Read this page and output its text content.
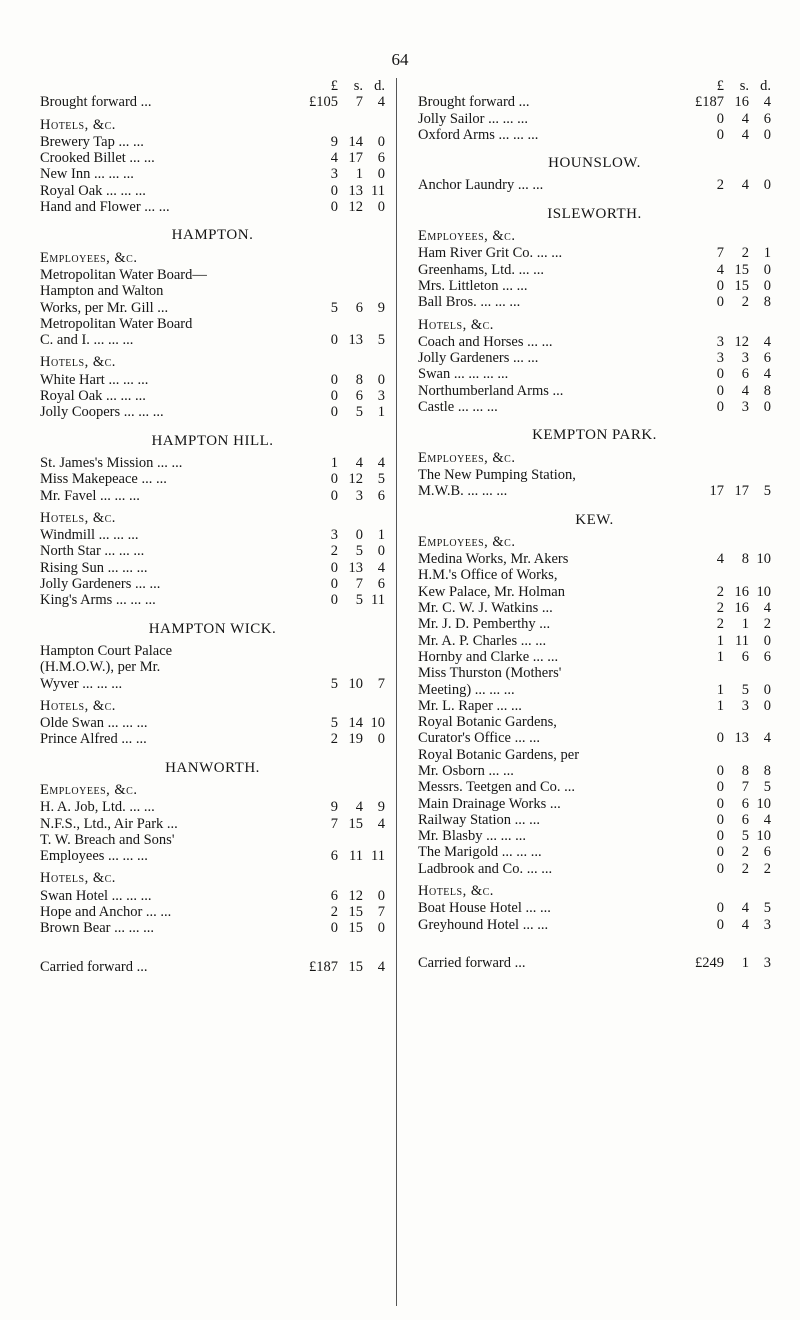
64
£	s. d.
Brought forward ...	£105	7	4
Hotels, &c.
Brewery Tap ... ...	9 14	0
Crooked Billet ... ...	4 17	6
New Inn ... ... ...	3	1	0
Royal Oak ... ... ...	0 13 11
Hand and Flower ... ...	0 12	0
HAMPTON.
Employees, &c.
Metropolitan Water Board—
Hampton and Walton
Works, per Mr. Gill ...	5	6	9
Metropolitan Water Board
C. and I. ... ... ...	0 13	5
Hotels, &c.
White Hart ... ... ...	0	8	0
Royal Oak ... ... ...	0	6	3
Jolly Coopers ... ... ...	0	5	1
HAMPTON HILL.
St. James's Mission ... ...	1	4	4
Miss Makepeace ... ...	0 12	5
Mr. Favel ... ... ...	0	3	6
Hotels, &c.
Windmill ... ... ...	3	0	1
North Star ... ... ...	2	5	0
Rising Sun ... ... ...	0 13	4
Jolly Gardeners ... ...	0	7	6
King's Arms ... ... ...	0	5 11
HAMPTON WICK.
Hampton Court Palace
(H.M.O.W.), per Mr.
Wyver ... ... ...	5 10	7
Hotels, &c.
Olde Swan ... ... ...	5 14 10
Prince Alfred ... ...	2 19	0
HANWORTH.
Employees, &c.
H. A. Job, Ltd. ... ...	9	4	9
N.F.S., Ltd., Air Park ...	7 15	4
T. W. Breach and Sons'
Employees ... ... ...	6 11 11
Hotels, &c.
Swan Hotel ... ... ...	6 12	0
Hope and Anchor ... ...	2 15	7
Brown Bear ... ... ...	0 15	0
Carried forward ...	£187 15	4
£	s. d.
Brought forward ...	£187 16	4
Jolly Sailor ... ... ...	0	4	6
Oxford Arms ... ... ...	0	4	0
HOUNSLOW.
Anchor Laundry ... ...	2	4	0
ISLEWORTH.
Employees, &c.
Ham River Grit Co. ... ...	7	2	1
Greenhams, Ltd. ... ...	4 15	0
Mrs. Littleton ... ...	0 15	0
Ball Bros. ... ... ...	0	2	8
Hotels, &c.
Coach and Horses ... ...	3 12	4
Jolly Gardeners ... ...	3	3	6
Swan ... ... ... ...	0	6	4
Northumberland Arms ...	0	4	8
Castle ... ... ...	0	3	0
KEMPTON PARK.
Employees, &c.
The New Pumping Station,
M.W.B. ... ... ...	17 17	5
KEW.
Employees, &c.
Medina Works, Mr. Akers	4	8 10
H.M.'s Office of Works,
Kew Palace, Mr. Holman	2 16 10
Mr. C. W. J. Watkins ...	2 16	4
Mr. J. D. Pemberthy ...	2	1	2
Mr. A. P. Charles ... ...	1 11	0
Hornby and Clarke ... ...	1	6	6
Miss Thurston (Mothers'
Meeting) ... ... ...	1	5	0
Mr. L. Raper ... ...	1	3	0
Royal Botanic Gardens,
Curator's Office ... ...	0 13	4
Royal Botanic Gardens, per
Mr. Osborn ... ...	0	8	8
Messrs. Teetgen and Co. ...	0	7	5
Main Drainage Works ...	0	6 10
Railway Station ... ...	0	6	4
Mr. Blasby ... ... ...	0	5 10
The Marigold ... ... ...	0	2	6
Ladbrook and Co. ... ...	0	2	2
Hotels, &c.
Boat House Hotel ... ...	0	4	5
Greyhound Hotel ... ...	0	4	3
Carried forward ...	£249	1	3
